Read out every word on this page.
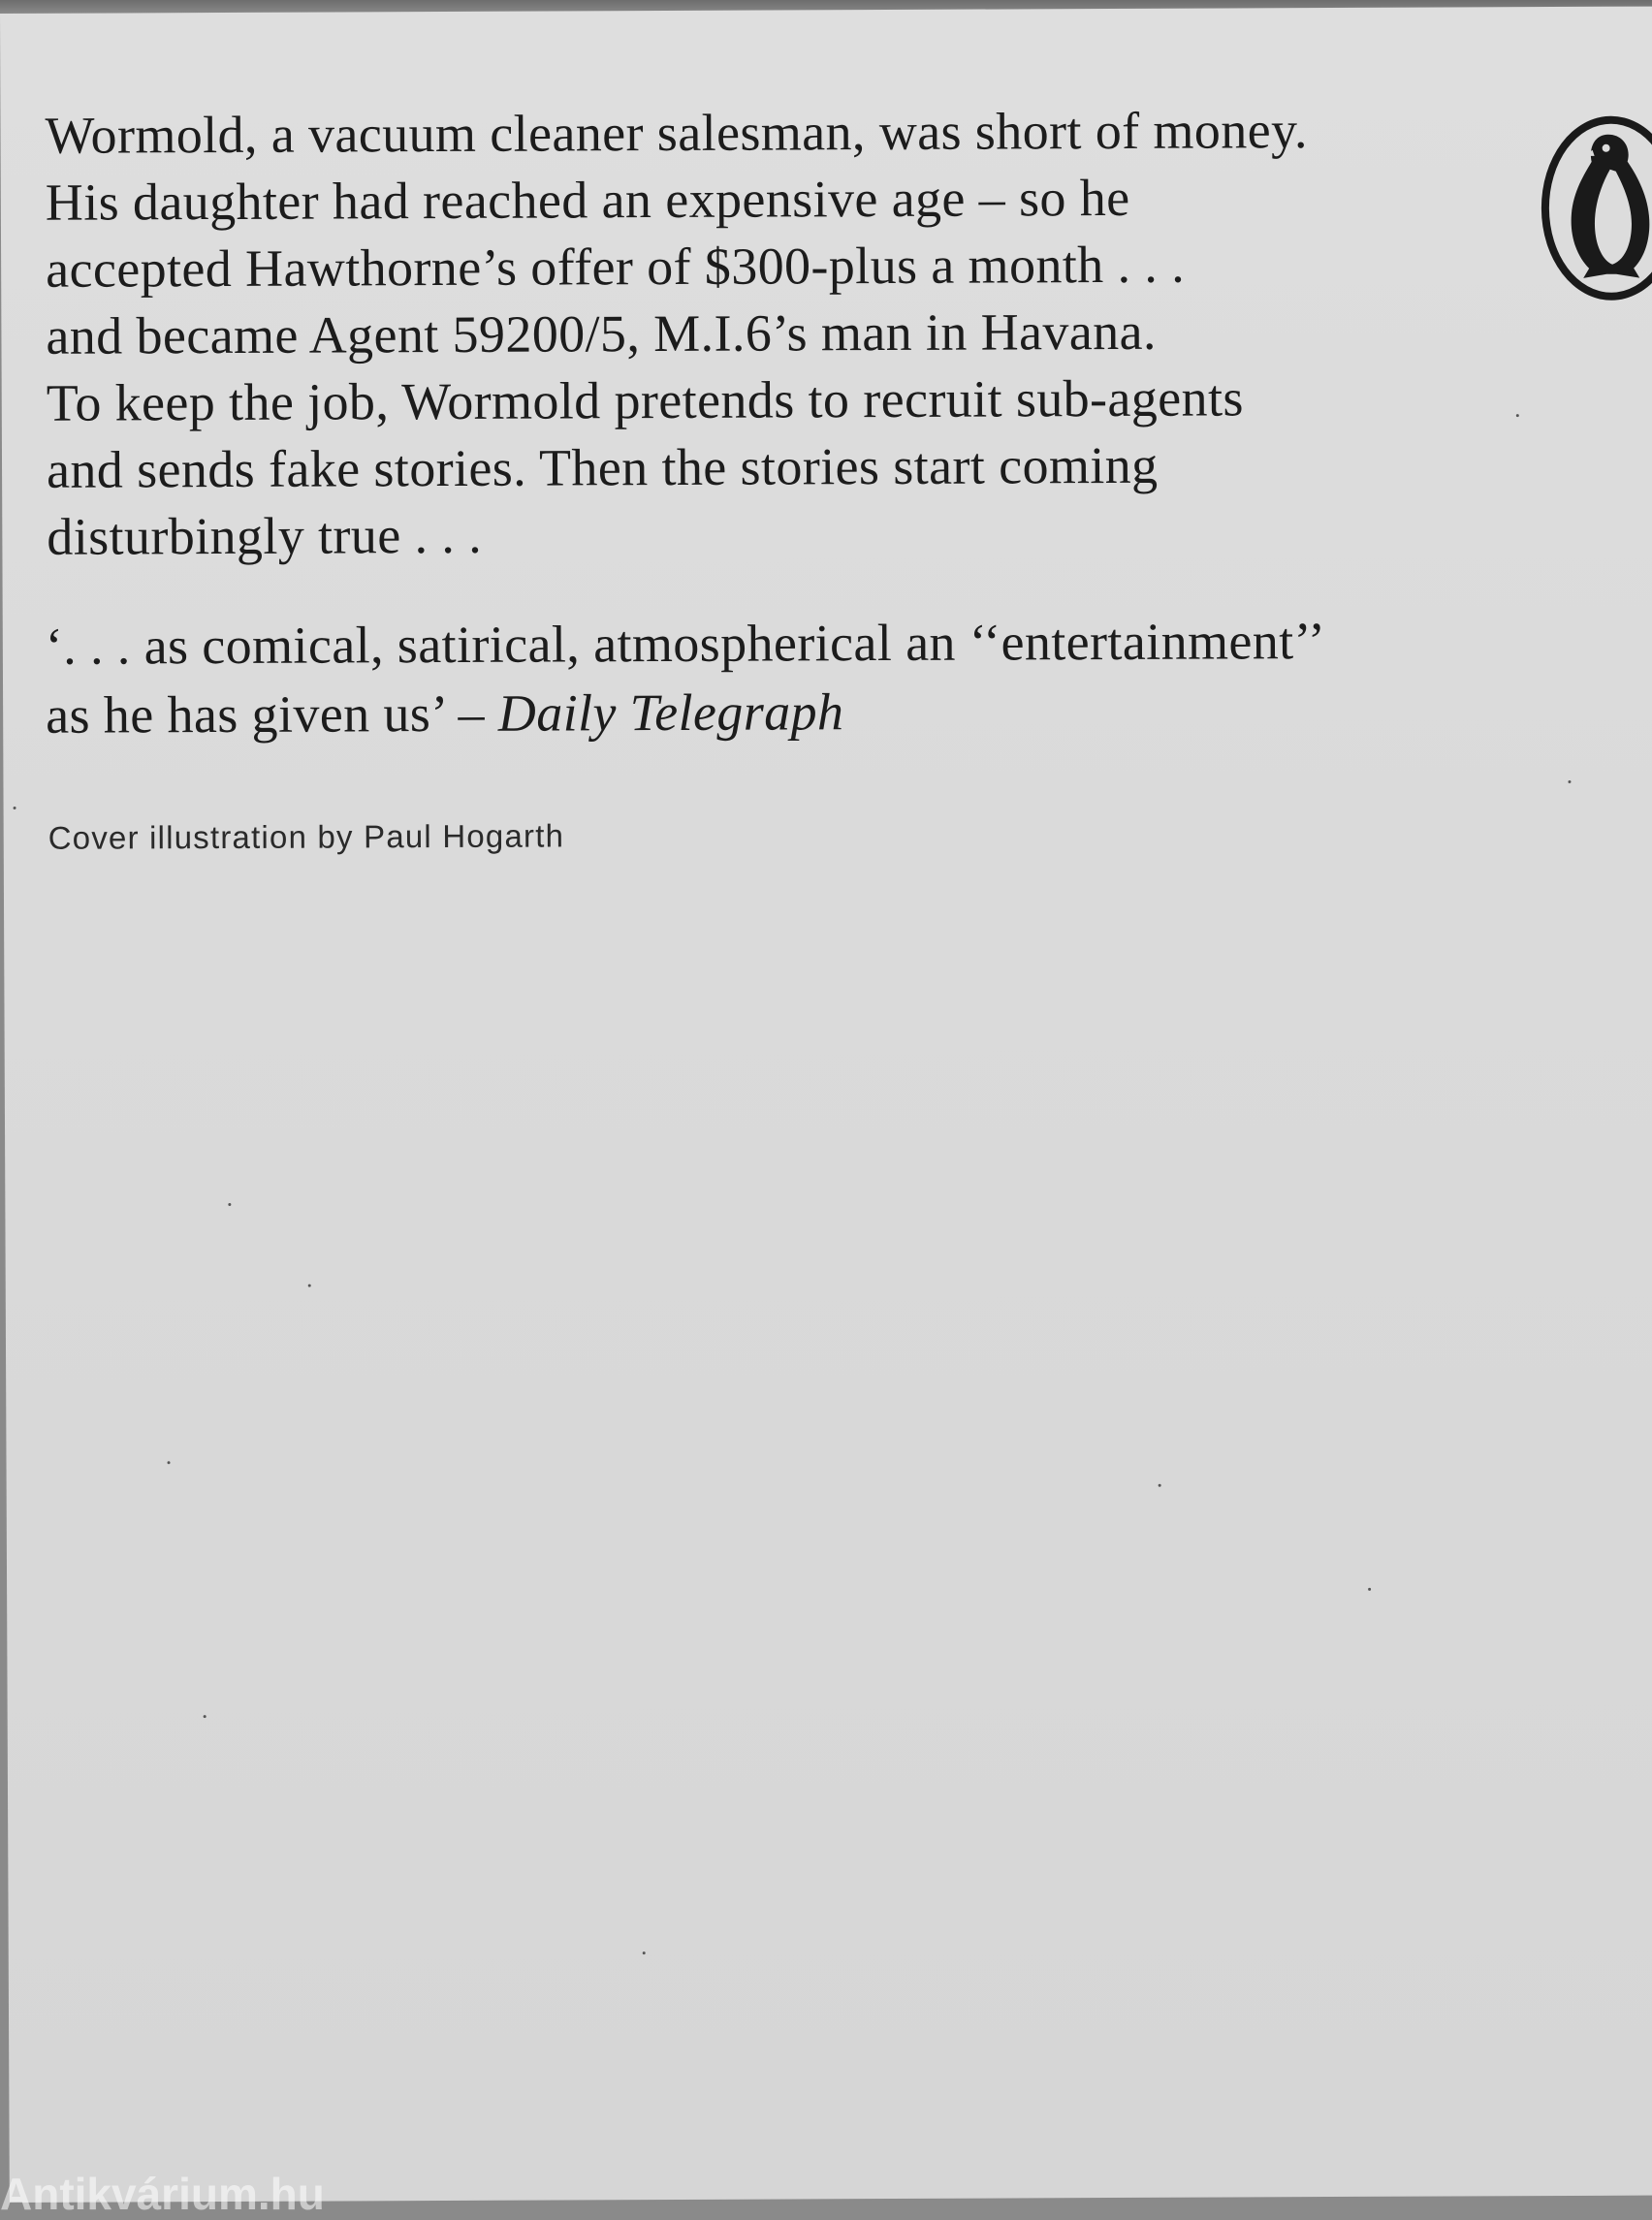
Wormold, a vacuum cleaner salesman, was short of money.
His daughter had reached an expensive age – so he
accepted Hawthorne’s offer of $300-plus a month . . .
and became Agent 59200/5, M.I.6’s man in Havana.
To keep the job, Wormold pretends to recruit sub-agents
and sends fake stories. Then the stories start coming
disturbingly true . . .
‘. . . as comical, satirical, atmospherical an ‘‘entertainment’’
as he has given us’ – Daily Telegraph
Cover illustration by Paul Hogarth
Antikvárium.hu
